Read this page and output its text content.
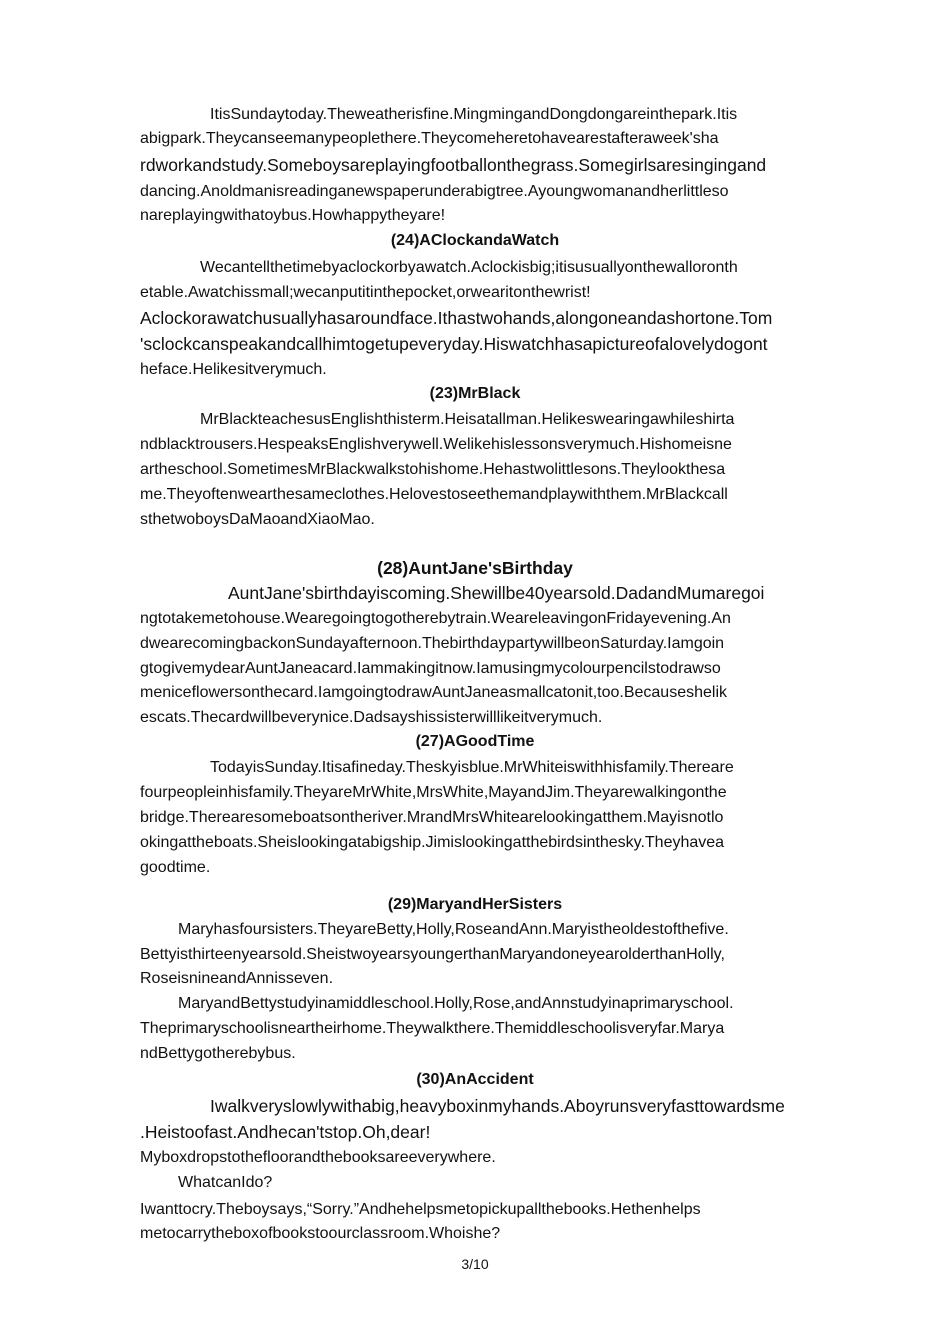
ItisSundaytoday.Theweatherisfine.MingmingandDongdongareinthepark.Itis

abigpark.Theycanseemanypeoplethere.Theycomeheretohavearestafteraweek'sha

rdworkandstudy.Someboysareplayingfootballonthegrass.Somegirlsaresingingand

dancing.Anoldmanisreadinganewspaperunderabigtree.Ayoungwomanandherlittleso

nareplayingwithatoybus.Howhappytheyare!

(24)AClockandaWatch

Wecantellthetimebyaclockorbyawatch.Aclockisbig;itisusuallyonthewalloronth

etable.Awatchissmall;wecanputitinthepocket,orwearitonthewrist!

Aclockorawatchusuallyhasaroundface.Ithastwohands,alongoneandashortone.Tom

'sclockcanspeakandcallhimtogetupeveryday.Hiswatchhasapictureofalovelydogont

heface.Helikesitverymuch.

(23)MrBlack

MrBlackteachesusEnglishthisterm.Heisatallman.Helikeswearingawhileshirta

ndblacktrousers.HespeaksEnglishverywell.Welikehislessonsverymuch.Hishomeisne

artheschool.SometimesMrBlackwalkstohishome.Hehastwolittlesons.Theylookthesa

me.Theyoftenwearthesameclothes.Helovestoseethemandplaywiththem.MrBlackcall

sthetwoboysDaMaoandXiaoMao.

(28)AuntJane'sBirthday

AuntJane'sbirthdayiscoming.Shewillbe40yearsold.DadandMumaregoi

ngtotakemetohouse.Wearegoingtogotherebytrain.WeareleavingonFridayevening.An

dwearecomingbackonSundayafternoon.ThebirthdaypartywillbeonSaturday.Iamgoin

gtogivemydearAuntJaneacard.Iammakingitnow.Iamusingmycolourpencilstodrawso

meniceflowersonthecard.IamgoingtodrawAuntJaneasmallcatonit,too.Becauseshelik

escats.Thecardwillbeverynice.Dadsayshissisterwilllikeitverymuch.

(27)AGoodTime

TodayisSunday.Itisafineday.Theskyisblue.MrWhiteiswithhisfamily.Thereare

fourpeopleinhisfamily.TheyareMrWhite,MrsWhite,MayandJim.Theyarewalkingonthe

bridge.Therearesomeboatsontheriver.MrandMrsWhitearelookingatthem.Mayisnotlo

okingattheboats.Sheislookingatabigship.Jimislookingatthebirdsinthesky.Theyhavea

goodtime.

(29)MaryandHerSisters

Maryhasfoursisters.TheyareBetty,Holly,RoseandAnn.Maryistheoldestofthefive.

Bettyisthirteenyearsold.SheistwoyearsyoungerthanMaryandoneyearolderthanHolly,

RoseisnineandAnnisseven.

MaryandBettystudyinamiddleschool.Holly,Rose,andAnnstudyinaprimaryschool.

Theprimaryschoolisneartheirhome.Theywalkthere.Themiddleschoolisveryfar.Marya

ndBettygotherebybus.

(30)AnAccident

Iwalkveryslowlywithabig,heavyboxinmyhands.Aboyrunsveryfasttowardsme

.Heistoofast.Andhecan'tstop.Oh,dear!

Myboxdropstothefloorandthebooksareeverywhere.

WhatcanIdo?

Iwanttocry.Theboysays,“Sorry.”Andhehelpsmetopickupallthebooks.Hethenhelps

metocarrytheboxofbookstoourclassroom.Whoishe?

3/10
